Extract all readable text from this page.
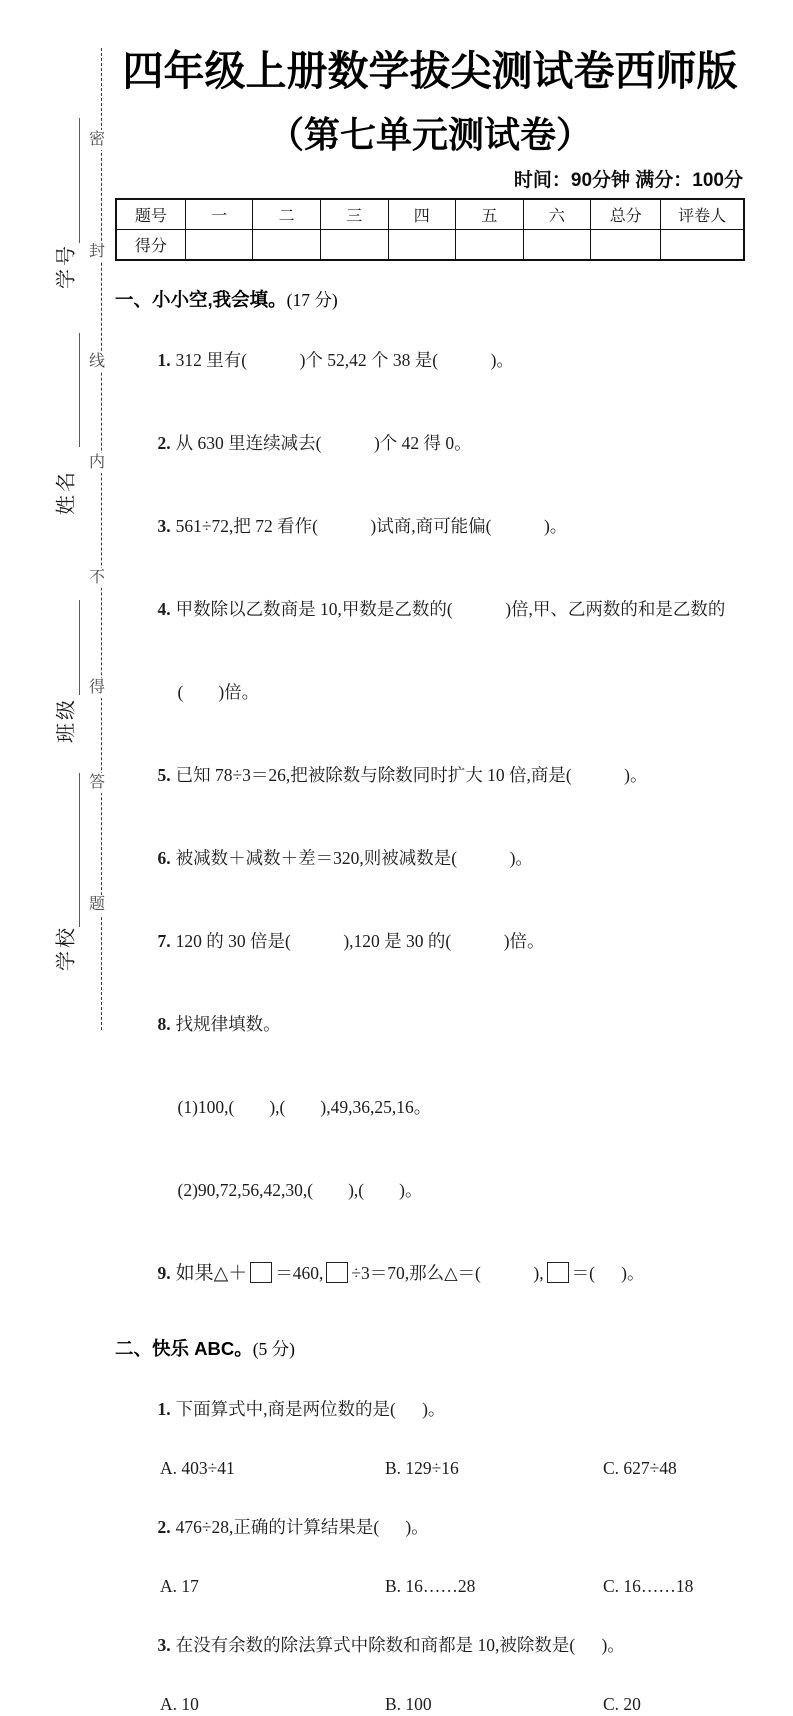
密
封
线
内
不
得
答
题
学号
姓名
班级
学校
四年级上册数学拔尖测试卷西师版
（第七单元测试卷）
时间：90分钟 满分：100分
题号	一	二	三	四	五	六	总分	评卷人
得分								
一、小小空,我会填。(17 分)

1. 312 里有(            )个 52,42 个 38 是(            )。

2. 从 630 里连续减去(            )个 42 得 0。

3. 561÷72,把 72 看作(            )试商,商可能偏(            )。

4. 甲数除以乙数商是 10,甲数是乙数的(            )倍,甲、乙两数的和是乙数的

(        )倍。

5. 已知 78÷3＝26,把被除数与除数同时扩大 10 倍,商是(            )。

6. 被减数＋减数＋差＝320,则被减数是(            )。

7. 120 的 30 倍是(            ),120 是 30 的(            )倍。

8. 找规律填数。

(1)100,(        ),(        ),49,36,25,16。

(2)90,72,56,42,30,(        ),(        )。

9. 如果△＋ ＝460, ÷3＝70,那么△＝(            ), ＝(      )。

二、快乐 ABC。(5 分)

1. 下面算式中,商是两位数的是(      )。

A. 403÷41	B. 129÷16	C. 627÷48

2. 476÷28,正确的计算结果是(      )。

A. 17	B. 16……28	C. 16……18

3. 在没有余数的除法算式中除数和商都是 10,被除数是(      )。

A. 10	B. 100	C. 20
